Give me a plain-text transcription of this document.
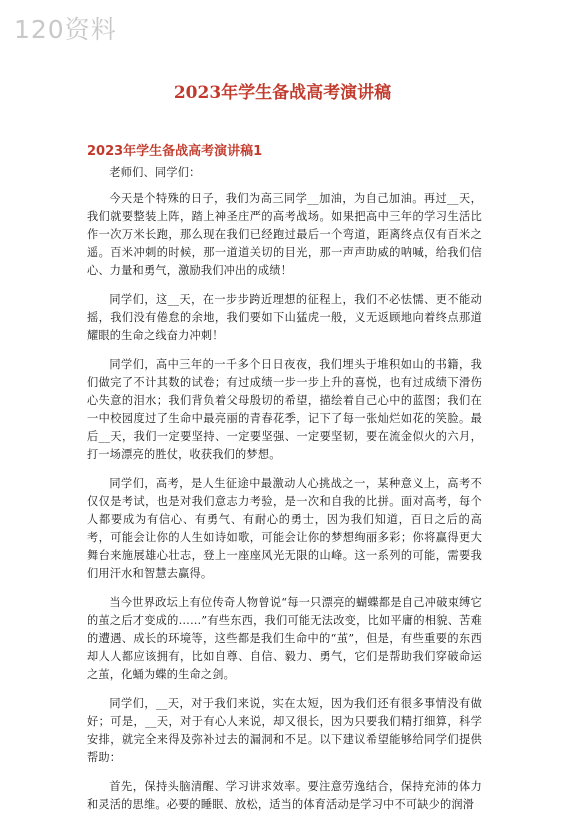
120资料
2023年学生备战高考演讲稿
2023年学生备战高考演讲稿1

老师们、同学们：

今天是个特殊的日子，我们为高三同学__加油，为自己加油。再过__天，我们就要整装上阵，踏上神圣庄严的高考战场。如果把高中三年的学习生活比作一次万米长跑，那么现在我们已经跑过最后一个弯道，距离终点仅有百米之遥。百米冲刺的时候，那一道道关切的目光，那一声声助威的呐喊，给我们信心、力量和勇气，激励我们冲出的成绩！

同学们，这__天，在一步步跨近理想的征程上，我们不必怯懦、更不能动摇，我们没有倦怠的余地，我们要如下山猛虎一般，义无返顾地向着终点那道耀眼的生命之线奋力冲刺！

同学们，高中三年的一千多个日日夜夜，我们埋头于堆积如山的书籍，我们做完了不计其数的试卷；有过成绩一步一步上升的喜悦，也有过成绩下滑伤心失意的泪水；我们背负着父母殷切的希望，描绘着自己心中的蓝图；我们在一中校园度过了生命中最亮丽的青春花季，记下了每一张灿烂如花的笑脸。最后__天，我们一定要坚持、一定要坚强、一定要坚韧，要在流金似火的六月，打一场漂亮的胜仗，收获我们的梦想。

同学们，高考，是人生征途中最激动人心挑战之一，某种意义上，高考不仅仅是考试，也是对我们意志力考验，是一次和自我的比拼。面对高考，每个人都要成为有信心、有勇气、有耐心的勇士，因为我们知道，百日之后的高考，可能会让你的人生如诗如歌，可能会让你的梦想绚丽多彩；你将赢得更大舞台来施展雄心壮志，登上一座座风光无限的山峰。这一系列的可能，需要我们用汗水和智慧去赢得。

当今世界政坛上有位传奇人物曾说“每一只漂亮的蝴蝶都是自己冲破束缚它的茧之后才变成的……”有些东西，我们可能无法改变，比如平庸的相貌、苦难的遭遇、成长的环境等，这些都是我们生命中的“茧”，但是，有些重要的东西却人人都应该拥有，比如自尊、自信、毅力、勇气，它们是帮助我们穿破命运之茧，化蛹为蝶的生命之剑。

同学们，__天，对于我们来说，实在太短，因为我们还有很多事情没有做好；可是，__天，对于有心人来说，却又很长，因为只要我们精打细算，科学安排，就完全来得及弥补过去的漏洞和不足。以下建议希望能够给同学们提供帮助：

首先，保持头脑清醒、学习讲求效率。要注意劳逸结合，保持充沛的体力和灵活的思维。必要的睡眠、放松，适当的体育活动是学习中不可缺少的润滑
